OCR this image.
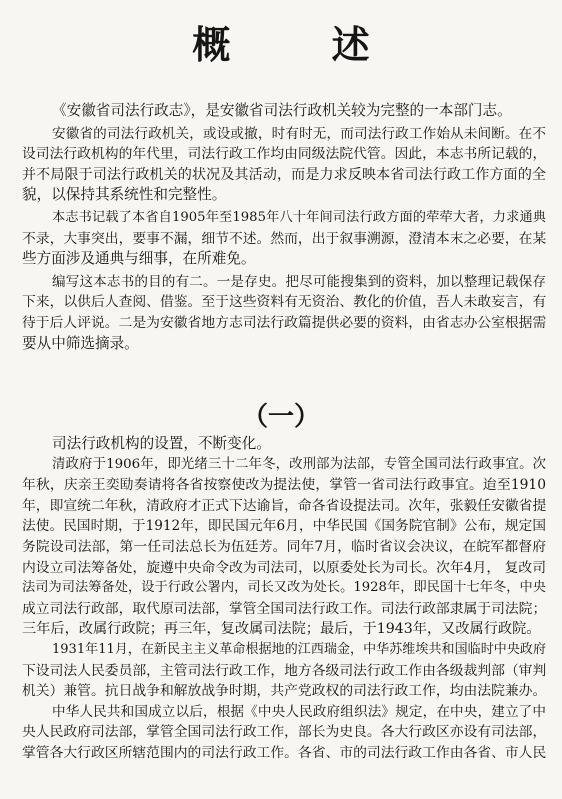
概 述
《安徽省司法行政志》，是安徽省司法行政机关较为完整的一本部门志。
安徽省的司法行政机关，或设或撤，时有时无，而司法行政工作始从未间断。在不
设司法行政机构的年代里，司法行政工作均由同级法院代管。因此，本志书所记载的，
并不局限于司法行政机关的状况及其活动，而是力求反映本省司法行政工作方面的全
貌，以保持其系统性和完整性。
本志书记载了本省自1905年至1985年八十年间司法行政方面的荦荦大者，力求通典
不录，大事突出，要事不漏，细节不述。然而，出于叙事溯源，澄清本末之必要，在某
些方面涉及通典与细事，在所难免。
编写这本志书的目的有二。一是存史。把尽可能搜集到的资料，加以整理记载保存
下来，以供后人查阅、借鉴。至于这些资料有无资治、教化的价值，吾人未敢妄言，有
待于后人评说。二是为安徽省地方志司法行政篇提供必要的资料，由省志办公室根据需
要从中筛选摘录。
（一）
司法行政机构的设置，不断变化。
清政府于1906年，即光绪三十二年冬，改刑部为法部，专管全国司法行政事宜。次
年秋，庆亲王奕劻奏请将各省按察使改为提法使，掌管一省司法行政事宜。迨至1910
年，即宣统二年秋，清政府才正式下达谕旨，命各省设提法司。次年，张毅任安徽省提
法使。民国时期，于1912年，即民国元年6月，中华民国《国务院官制》公布，规定国
务院设司法部，第一任司法总长为伍廷芳。同年7月，临时省议会决议，在皖军都督府
内设立司法筹备处，旋遵中央命令改为司法司，以原委处长为司长。次年4月， 复改司
法司为司法筹备处，设于行政公署内，司长又改为处长。1928年，即民国十七年冬，中央
成立司法行政部，取代原司法部，掌管全国司法行政工作。司法行政部隶属于司法院；
三年后，改属行政院；再三年，复改属司法院；最后，于1943年，又改属行政院。
1931年11月，在新民主主义革命根据地的江西瑞金，中华苏维埃共和国临时中央政府
下设司法人民委员部，主管司法行政工作，地方各级司法行政工作由各级裁判部（审判
机关）兼管。抗日战争和解放战争时期，共产党政权的司法行政工作，均由法院兼办。
中华人民共和国成立以后，根据《中央人民政府组织法》规定，在中央，建立了中
央人民政府司法部，掌管全国司法行政工作，部长为史良。各大行政区亦设有司法部，
掌管各大行政区所辖范围内的司法行政工作。各省、市的司法行政工作由各省、市人民
